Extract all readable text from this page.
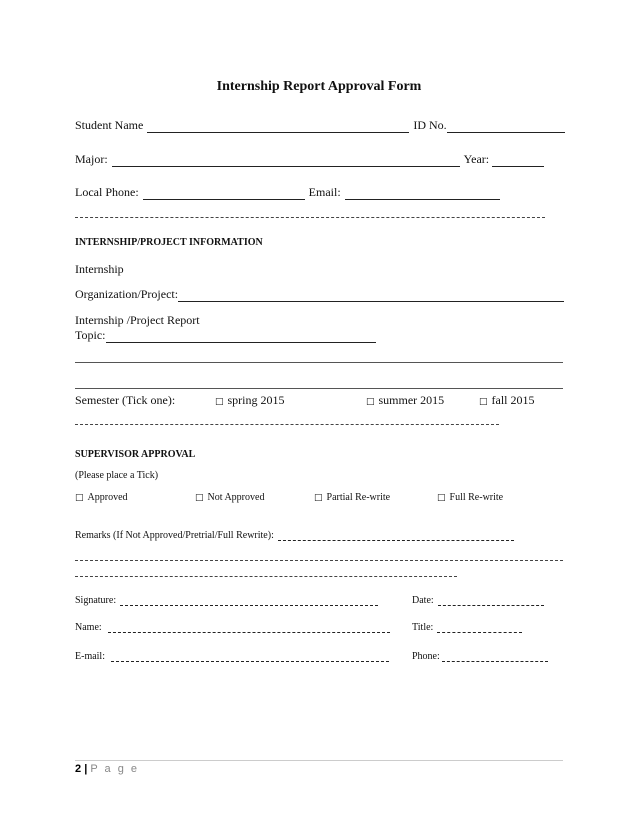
Internship Report Approval Form
Student Name	ID No.
Major:	Year:
Local Phone:	Email:
INTERNSHIP/PROJECT INFORMATION
Internship
Organization/Project:
Internship /Project Report
Topic:
Semester (Tick one):	□ spring 2015	□ summer 2015	□ fall 2015
SUPERVISOR APPROVAL
(Please place a Tick)
□ Approved	□ Not Approved	□ Partial Re-write	□ Full Re-write
Remarks (If Not Approved/Pretrial/Full Rewrite):
Signature:	Date:
Name:	Title:
E-mail:	Phone:
2 | P a g e
